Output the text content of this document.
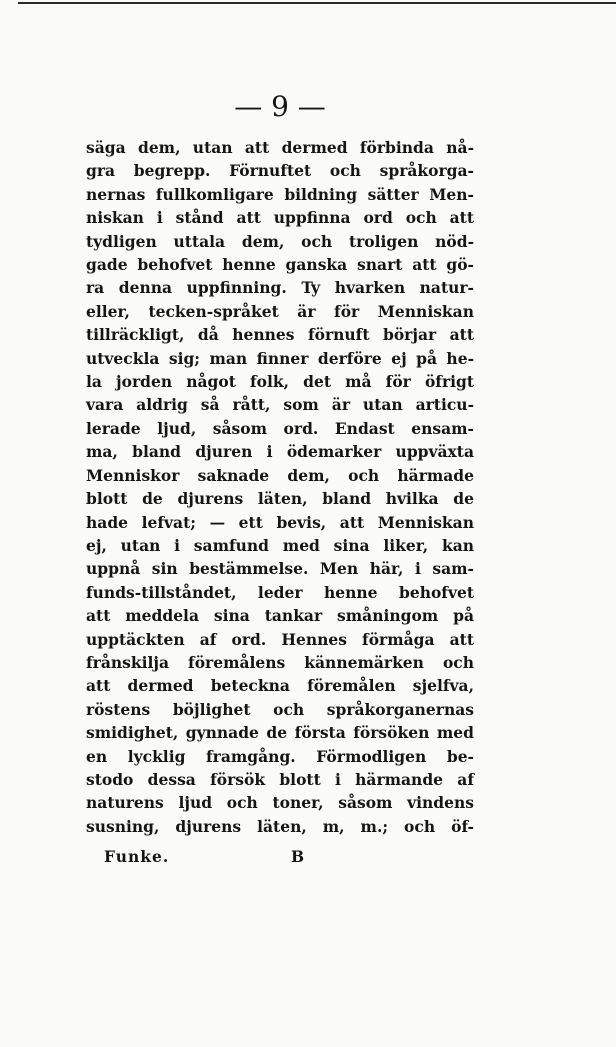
— 9 —
säga dem, utan att dermed förbinda nå-
gra begrepp. Förnuftet och språkorga-
nernas fullkomligare bildning sätter Men-
niskan i stånd att uppfinna ord och att
tydligen uttala dem, och troligen nöd-
gade behofvet henne ganska snart att gö-
ra denna uppfinning. Ty hvarken natur-
eller, tecken-språket är för Menniskan
tillräckligt, då hennes förnuft börjar att
utveckla sig; man finner derföre ej på he-
la jorden något folk, det må för öfrigt
vara aldrig så rått, som är utan articu-
lerade ljud, såsom ord. Endast ensam-
ma, bland djuren i ödemarker uppväxta
Menniskor saknade dem, och härmade
blott de djurens läten, bland hvilka de
hade lefvat; — ett bevis, att Menniskan
ej, utan i samfund med sina liker, kan
uppnå sin bestämmelse. Men här, i sam-
funds-tillståndet, leder henne behofvet
att meddela sina tankar småningom på
upptäckten af ord. Hennes förmåga att
frånskilja föremålens kännemärken och
att dermed beteckna föremålen sjelfva,
röstens böjlighet och språkorganernas
smidighet, gynnade de första försöken med
en lycklig framgång. Förmodligen be-
stodo dessa försök blott i härmande af
naturens ljud och toner, såsom vindens
susning, djurens läten, m, m.; och öf-
Funke.	B
